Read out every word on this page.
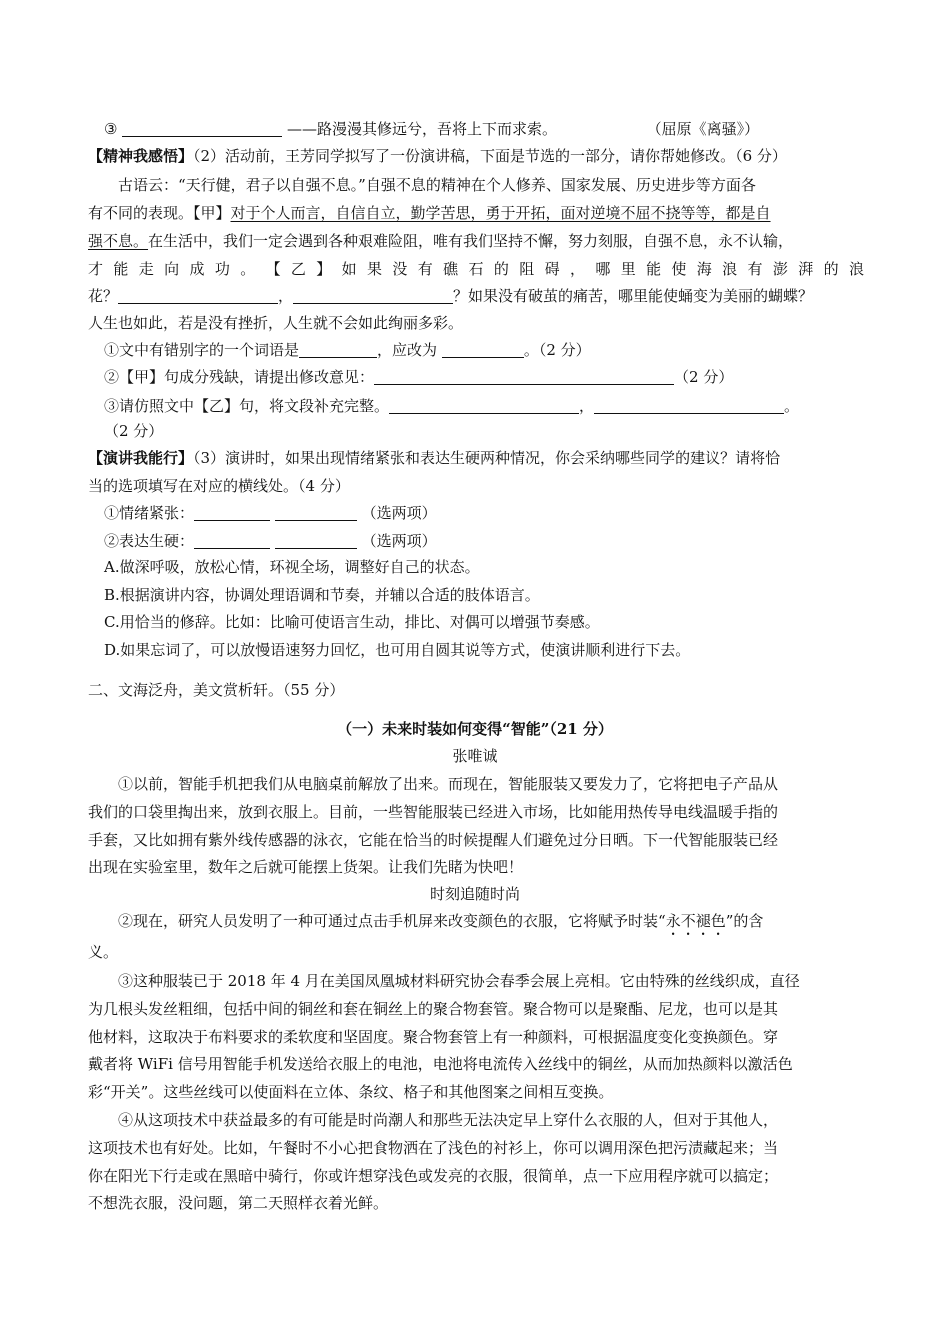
③	——路漫漫其修远兮，吾将上下而求索。	（屈原《离骚》）
【精神我感悟】（2）活动前，王芳同学拟写了一份演讲稿，下面是节选的一部分，请你帮她修改。（6 分）
古语云：“天行健，君子以自强不息。”自强不息的精神在个人修养、国家发展、历史进步等方面各
有不同的表现。【甲】对于个人而言，自信自立，勤学苦思，勇于开拓，面对逆境不屈不挠等等，都是自
强不息。在生活中，我们一定会遇到各种艰难险阻，唯有我们坚持不懈，努力刻服，自强不息，永不认输，
才 能 走 向 成 功 。 【 乙 】 如 果 没 有 礁 石 的 阻 碍 ， 哪 里 能 使 海 浪 有 澎 湃 的 浪
花？	，	？如果没有破茧的痛苦，哪里能使蛹变为美丽的蝴蝶？
人生也如此，若是没有挫折，人生就不会如此绚丽多彩。
①文中有错别字的一个词语是	，应改为	。（2 分）
②【甲】句成分残缺，请提出修改意见：	（2 分）
③请仿照文中【乙】句，将文段补充完整。	，	。
（2 分）
【演讲我能行】（3）演讲时，如果出现情绪紧张和表达生硬两种情况，你会采纳哪些同学的建议？请将恰
当的选项填写在对应的横线处。（4 分）
①情绪紧张：	（选两项）
②表达生硬：	（选两项）
A.做深呼吸，放松心情，环视全场，调整好自己的状态。
B.根据演讲内容，协调处理语调和节奏，并辅以合适的肢体语言。
C.用恰当的修辞。比如：比喻可使语言生动，排比、对偶可以增强节奏感。
D.如果忘词了，可以放慢语速努力回忆，也可用自圆其说等方式，使演讲顺利进行下去。
二、文海泛舟，美文赏析轩。（55 分）
（一）未来时装如何变得“智能”（21 分）
张唯诚
①以前，智能手机把我们从电脑桌前解放了出来。而现在，智能服装又要发力了，它将把电子产品从
我们的口袋里掏出来，放到衣服上。目前，一些智能服装已经进入市场，比如能用热传导电线温暖手指的
手套，又比如拥有紫外线传感器的泳衣，它能在恰当的时候提醒人们避免过分日晒。下一代智能服装已经
出现在实验室里，数年之后就可能摆上货架。让我们先睹为快吧！
时刻追随时尚
②现在，研究人员发明了一种可通过点击手机屏来改变颜色的衣服，它将赋予时装“永不褪色”的含
义。
③这种服装已于 2018 年 4 月在美国凤凰城材料研究协会春季会展上亮相。它由特殊的丝线织成，直径
为几根头发丝粗细，包括中间的铜丝和套在铜丝上的聚合物套管。聚合物可以是聚酯、尼龙，也可以是其
他材料，这取决于布料要求的柔软度和坚固度。聚合物套管上有一种颜料，可根据温度变化变换颜色。穿
戴者将 WiFi 信号用智能手机发送给衣服上的电池，电池将电流传入丝线中的铜丝，从而加热颜料以激活色
彩“开关”。这些丝线可以使面料在立体、条纹、格子和其他图案之间相互变换。
④从这项技术中获益最多的有可能是时尚潮人和那些无法决定早上穿什么衣服的人，但对于其他人，
这项技术也有好处。比如，午餐时不小心把食物洒在了浅色的衬衫上，你可以调用深色把污渍藏起来；当
你在阳光下行走或在黑暗中骑行，你或许想穿浅色或发亮的衣服，很简单，点一下应用程序就可以搞定；
不想洗衣服，没问题，第二天照样衣着光鲜。
